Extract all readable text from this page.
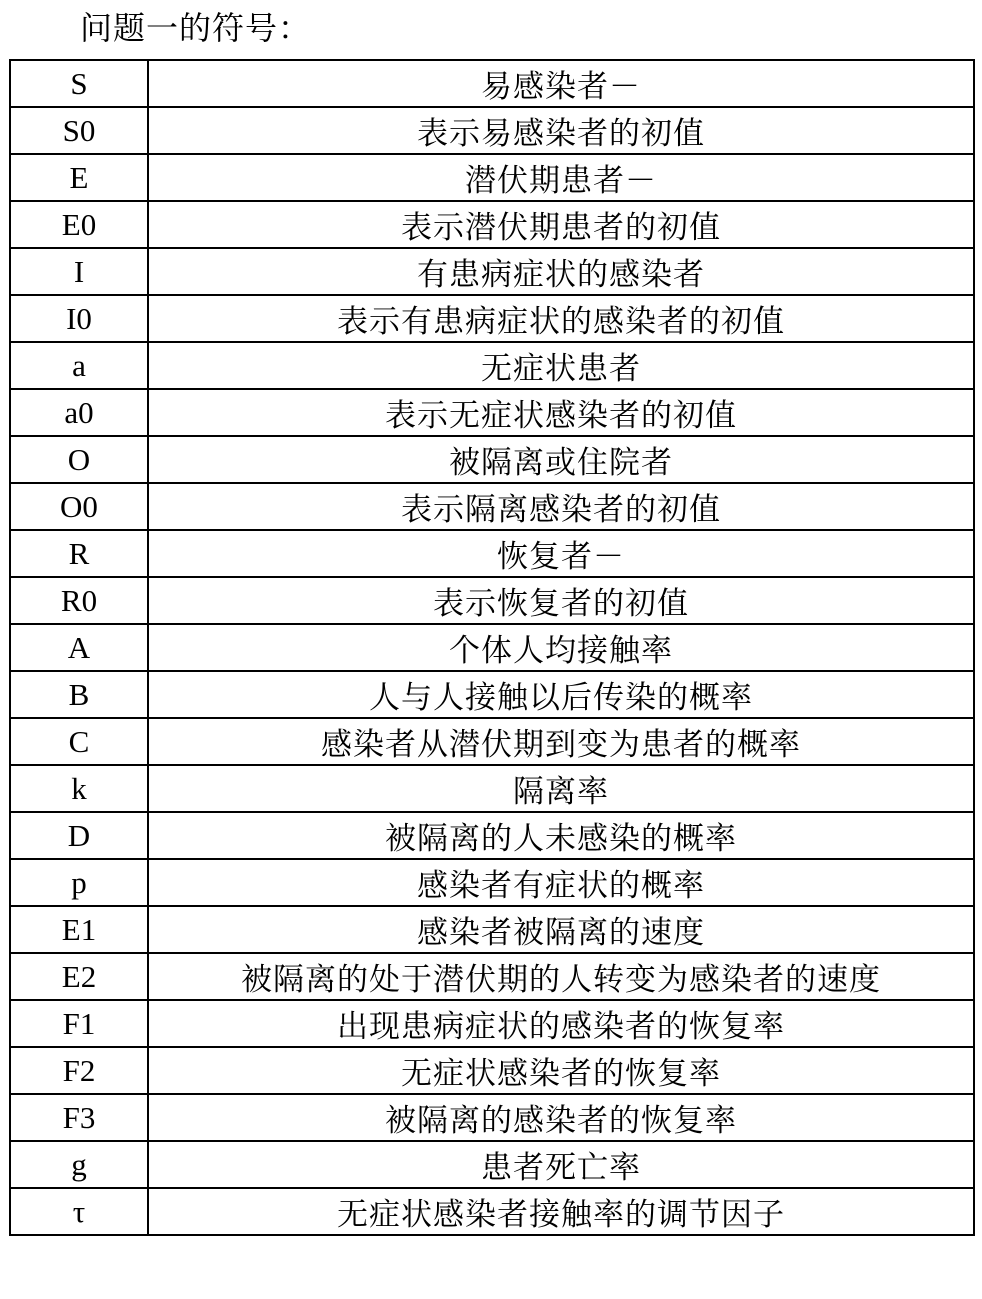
问题一的符号：
S	易感染者－
S0	表示易感染者的初值
E	潜伏期患者－
E0	表示潜伏期患者的初值
I	有患病症状的感染者
I0	表示有患病症状的感染者的初值
a	无症状患者
a0	表示无症状感染者的初值
O	被隔离或住院者
O0	表示隔离感染者的初值
R	恢复者－
R0	表示恢复者的初值
A	个体人均接触率
B	人与人接触以后传染的概率
C	感染者从潜伏期到变为患者的概率
k	隔离率
D	被隔离的人未感染的概率
p	感染者有症状的概率
E1	感染者被隔离的速度
E2	被隔离的处于潜伏期的人转变为感染者的速度
F1	出现患病症状的感染者的恢复率
F2	无症状感染者的恢复率
F3	被隔离的感染者的恢复率
g	患者死亡率
τ	无症状感染者接触率的调节因子
